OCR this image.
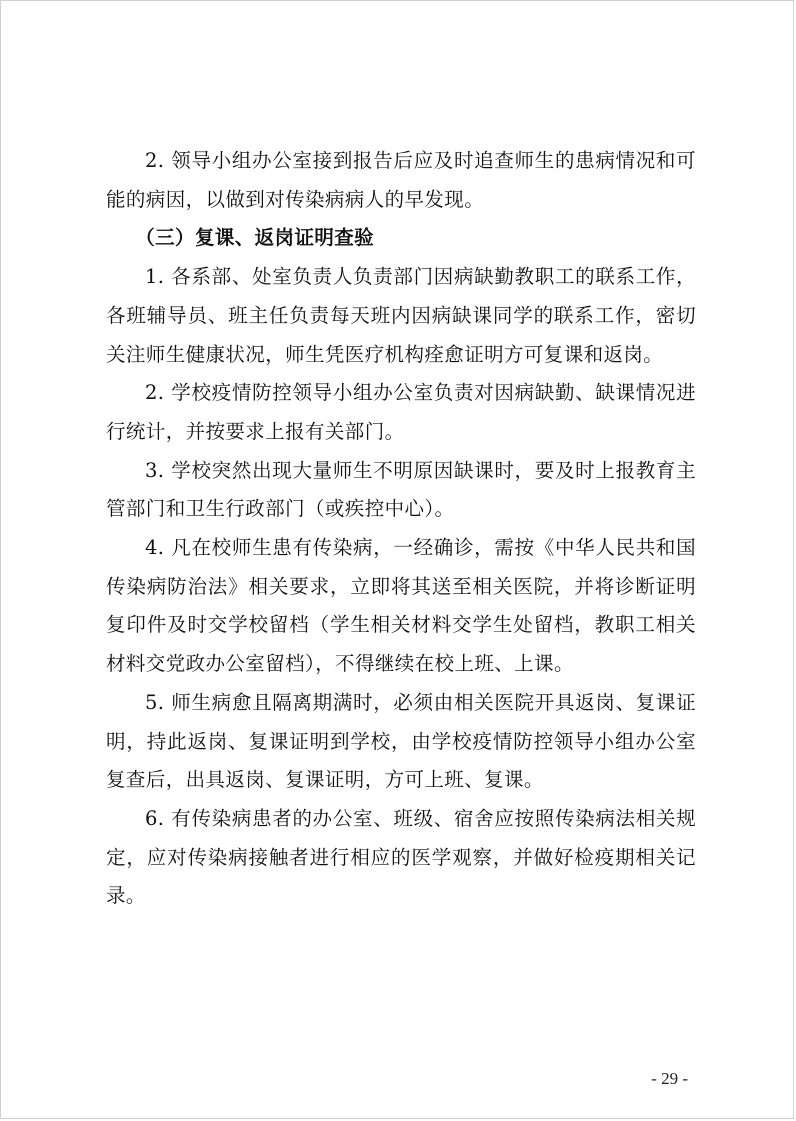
2. 领导小组办公室接到报告后应及时追查师生的患病情况和可能的病因，以做到对传染病病人的早发现。

（三）复课、返岗证明查验

1. 各系部、处室负责人负责部门因病缺勤教职工的联系工作，各班辅导员、班主任负责每天班内因病缺课同学的联系工作，密切关注师生健康状况，师生凭医疗机构痊愈证明方可复课和返岗。

2. 学校疫情防控领导小组办公室负责对因病缺勤、缺课情况进行统计，并按要求上报有关部门。

3. 学校突然出现大量师生不明原因缺课时，要及时上报教育主管部门和卫生行政部门（或疾控中心）。

4. 凡在校师生患有传染病，一经确诊，需按《中华人民共和国传染病防治法》相关要求，立即将其送至相关医院，并将诊断证明复印件及时交学校留档（学生相关材料交学生处留档，教职工相关材料交党政办公室留档），不得继续在校上班、上课。

5. 师生病愈且隔离期满时，必须由相关医院开具返岗、复课证明，持此返岗、复课证明到学校，由学校疫情防控领导小组办公室复查后，出具返岗、复课证明，方可上班、复课。

6. 有传染病患者的办公室、班级、宿舍应按照传染病法相关规定，应对传染病接触者进行相应的医学观察，并做好检疫期相关记录。

- 29 -
